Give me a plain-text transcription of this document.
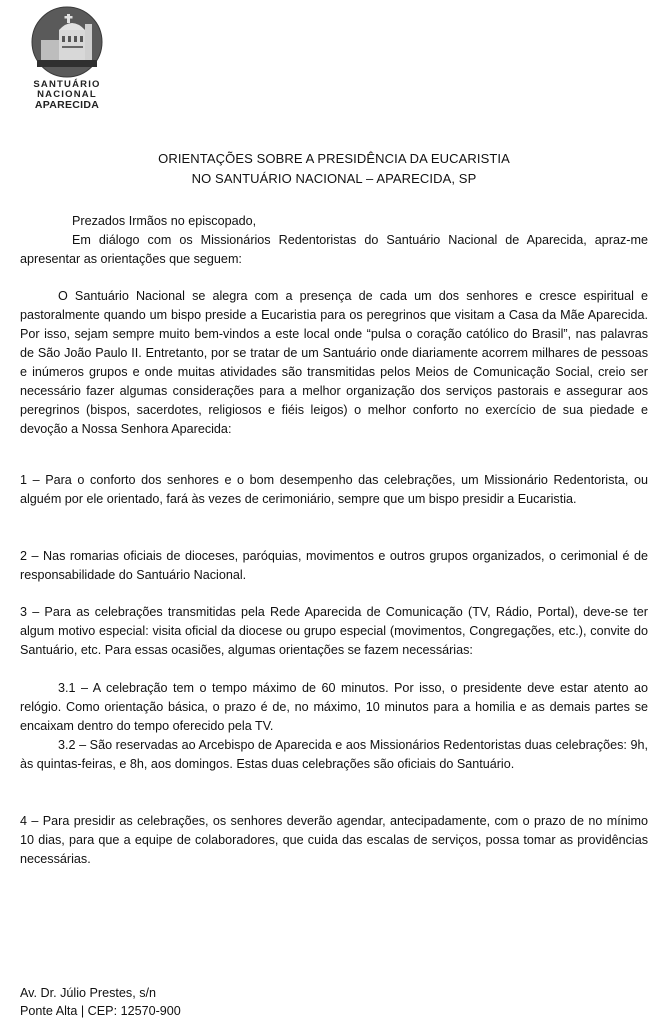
SANTUÁRIO
NACIONAL
APARECIDA
ORIENTAÇÕES SOBRE A PRESIDÊNCIA DA EUCARISTIA
NO SANTUÁRIO NACIONAL – APARECIDA, SP
Prezados Irmãos no episcopado,
Em diálogo com os Missionários Redentoristas do Santuário Nacional de Aparecida, apraz-me apresentar as orientações que seguem:
O Santuário Nacional se alegra com a presença de cada um dos senhores e cresce espiritual e pastoralmente quando um bispo preside a Eucaristia para os peregrinos que visitam a Casa da Mãe Aparecida. Por isso, sejam sempre muito bem-vindos a este local onde “pulsa o coração católico do Brasil”, nas palavras de São João Paulo II. Entretanto, por se tratar de um Santuário onde diariamente acorrem milhares de pessoas e inúmeros grupos e onde muitas atividades são transmitidas pelos Meios de Comunicação Social, creio ser necessário fazer algumas considerações para a melhor organização dos serviços pastorais e assegurar aos peregrinos (bispos, sacerdotes, religiosos e fiéis leigos) o melhor conforto no exercício de sua piedade e devoção a Nossa Senhora Aparecida:
1 – Para o conforto dos senhores e o bom desempenho das celebrações, um Missionário Redentorista, ou alguém por ele orientado, fará às vezes de cerimoniário, sempre que um bispo presidir a Eucaristia.
2 – Nas romarias oficiais de dioceses, paróquias, movimentos e outros grupos organizados, o cerimonial é de responsabilidade do Santuário Nacional.
3 – Para as celebrações transmitidas pela Rede Aparecida de Comunicação (TV, Rádio, Portal), deve-se ter algum motivo especial: visita oficial da diocese ou grupo especial (movimentos, Congregações, etc.), convite do Santuário, etc. Para essas ocasiões, algumas orientações se fazem necessárias:
3.1 – A celebração tem o tempo máximo de 60 minutos. Por isso, o presidente deve estar atento ao relógio. Como orientação básica, o prazo é de, no máximo, 10 minutos para a homilia e as demais partes se encaixam dentro do tempo oferecido pela TV.
3.2 – São reservadas ao Arcebispo de Aparecida e aos Missionários Redentoristas duas celebrações: 9h, às quintas-feiras, e 8h, aos domingos. Estas duas celebrações são oficiais do Santuário.
4 – Para presidir as celebrações, os senhores deverão agendar, antecipadamente, com o prazo de no mínimo 10 dias, para que a equipe de colaboradores, que cuida das escalas de serviços, possa tomar as providências necessárias.
Av. Dr. Júlio Prestes, s/n
Ponte Alta | CEP: 12570-900
